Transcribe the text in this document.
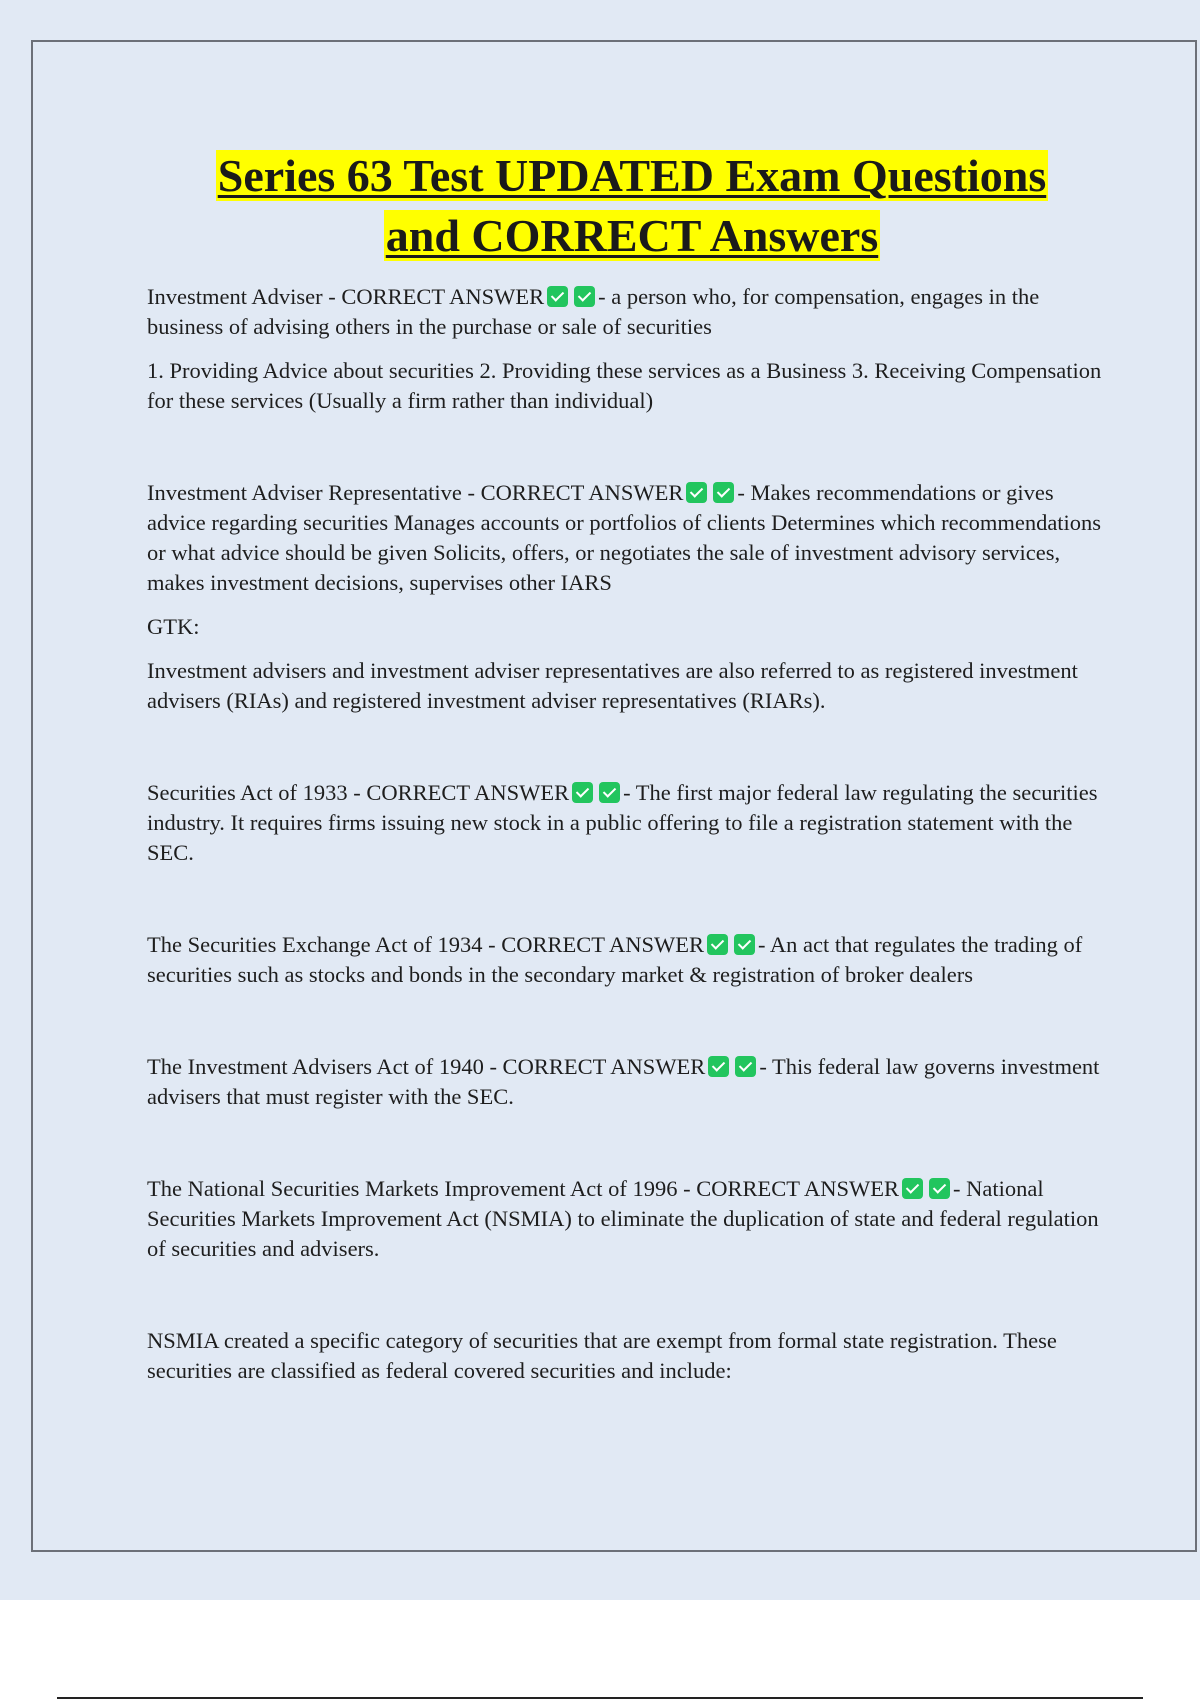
Series 63 Test UPDATED Exam Questions
and CORRECT Answers

Investment Adviser - CORRECT ANSWER - a person who, for compensation, engages in the business of advising others in the purchase or sale of securities

1. Providing Advice about securities 2. Providing these services as a Business 3. Receiving Compensation for these services (Usually a firm rather than individual)

Investment Adviser Representative - CORRECT ANSWER - Makes recommendations or gives advice regarding securities Manages accounts or portfolios of clients Determines which recommendations or what advice should be given Solicits, offers, or negotiates the sale of investment advisory services, makes investment decisions, supervises other IARS

GTK:

Investment advisers and investment adviser representatives are also referred to as registered investment advisers (RIAs) and registered investment adviser representatives (RIARs).

Securities Act of 1933 - CORRECT ANSWER - The first major federal law regulating the securities industry. It requires firms issuing new stock in a public offering to file a registration statement with the SEC.

The Securities Exchange Act of 1934 - CORRECT ANSWER - An act that regulates the trading of securities such as stocks and bonds in the secondary market & registration of broker dealers

The Investment Advisers Act of 1940 - CORRECT ANSWER - This federal law governs investment advisers that must register with the SEC.

The National Securities Markets Improvement Act of 1996 - CORRECT ANSWER - National Securities Markets Improvement Act (NSMIA) to eliminate the duplication of state and federal regulation of securities and advisers.

NSMIA created a specific category of securities that are exempt from formal state registration. These securities are classified as federal covered securities and include:
